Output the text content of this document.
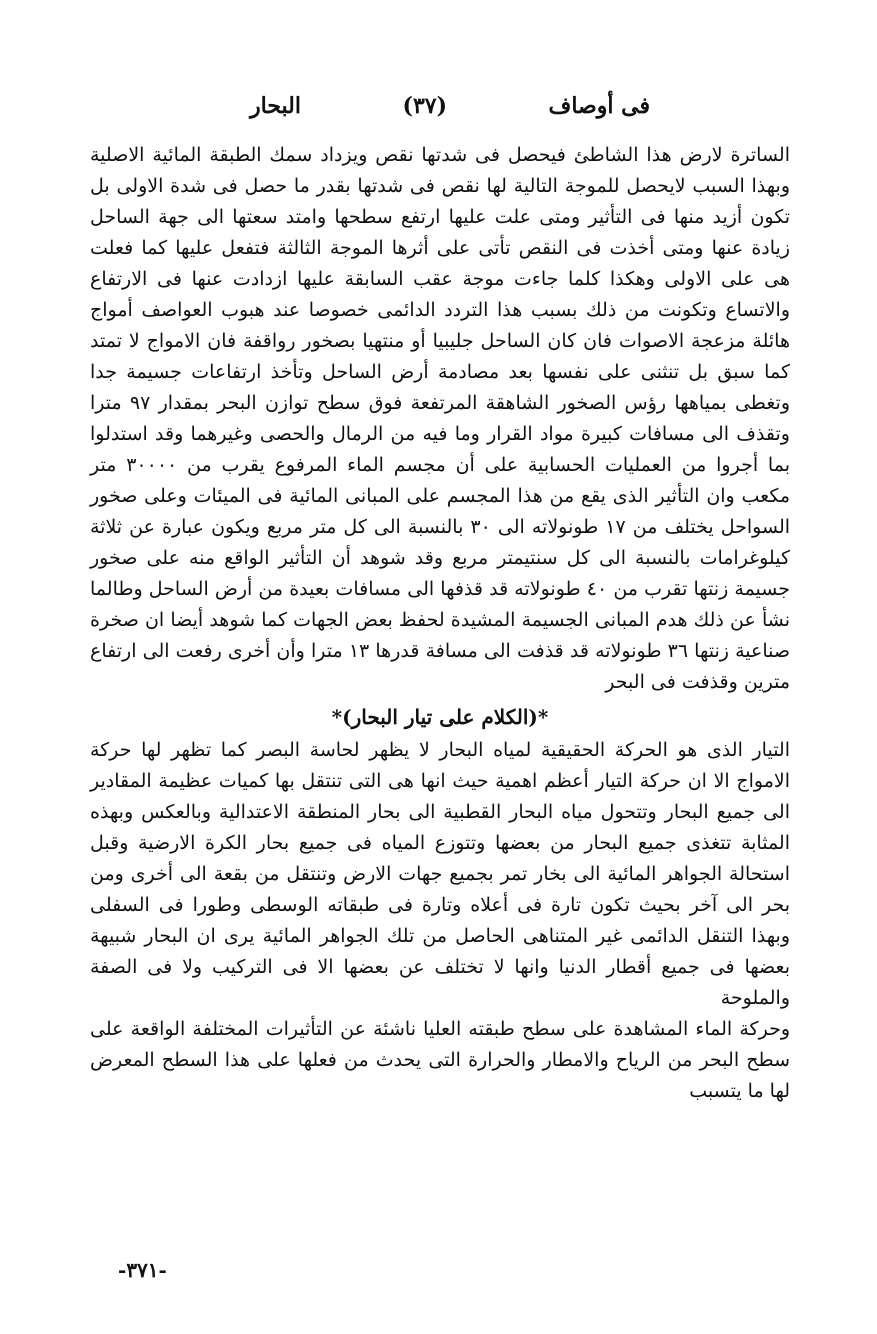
فى أوصاف
(٣٧)
البحار

الساترة لارض هذا الشاطئ فيحصل فى شدتها نقص ويزداد سمك الطبقة المائية الاصلية وبهذا السبب لايحصل للموجة التالية لها نقص فى شدتها بقدر ما حصل فى شدة الاولى بل تكون أزيد منها فى التأثير ومتى علت عليها ارتفع سطحها وامتد سعتها الى جهة الساحل زيادة عنها ومتى أخذت فى النقص تأتى على أثرها الموجة الثالثة فتفعل عليها كما فعلت هى على الاولى وهكذا كلما جاءت موجة عقب السابقة عليها ازدادت عنها فى الارتفاع والاتساع وتكونت من ذلك بسبب هذا التردد الدائمى خصوصا عند هبوب العواصف أمواج هائلة مزعجة الاصوات فان كان الساحل جليبيا أو منتهيا بصخور رواقفة فان الامواج لا تمتد كما سبق بل تنثنى على نفسها بعد مصادمة أرض الساحل وتأخذ ارتفاعات جسيمة جدا وتغطى بمياهها رؤس الصخور الشاهقة المرتفعة فوق سطح توازن البحر بمقدار ٩٧ مترا وتقذف الى مسافات كبيرة مواد القرار وما فيه من الرمال والحصى وغيرهما وقد استدلوا بما أجروا من العمليات الحسابية على أن مجسم الماء المرفوع يقرب من ٣٠٠٠٠ متر مكعب وان التأثير الذى يقع من هذا المجسم على المبانى المائية فى الميئات وعلى صخور السواحل يختلف من ١٧ طونولاته الى ٣٠ بالنسبة الى كل متر مربع ويكون عبارة عن ثلاثة كيلوغرامات بالنسبة الى كل سنتيمتر مربع وقد شوهد أن التأثير الواقع منه على صخور جسيمة زنتها تقرب من ٤٠ طونولاته قد قذفها الى مسافات بعيدة من أرض الساحل وطالما نشأ عن ذلك هدم المبانى الجسيمة المشيدة لحفظ بعض الجهات كما شوهد أيضا ان صخرة صناعية زنتها ٣٦ طونولاته قد قذفت الى مسافة قدرها ١٣ مترا وأن أخرى رفعت الى ارتفاع مترين وقذفت فى البحر

*(الكلام على تيار البحار)*

التيار الذى هو الحركة الحقيقية لمياه البحار لا يظهر لحاسة البصر كما تظهر لها حركة الامواج الا ان حركة التيار أعظم اهمية حيث انها هى التى تنتقل بها كميات عظيمة المقادير الى جميع البحار وتتحول مياه البحار القطبية الى بحار المنطقة الاعتدالية وبالعكس وبهذه المثابة تتغذى جميع البحار من بعضها وتتوزع المياه فى جميع بحار الكرة الارضية وقبل استحالة الجواهر المائية الى بخار تمر بجميع جهات الارض وتنتقل من بقعة الى أخرى ومن بحر الى آخر بحيث تكون تارة فى أعلاه وتارة فى طبقاته الوسطى وطورا فى السفلى وبهذا التنقل الدائمى غير المتناهى الحاصل من تلك الجواهر المائية يرى ان البحار شبيهة بعضها فى جميع أقطار الدنيا وانها لا تختلف عن بعضها الا فى التركيب ولا فى الصفة والملوحة

وحركة الماء المشاهدة على سطح طبقته العليا ناشئة عن التأثيرات المختلفة الواقعة على سطح البحر من الرياح والامطار والحرارة التى يحدث من فعلها على هذا السطح المعرض لها ما يتسبب

-٣٧١-
